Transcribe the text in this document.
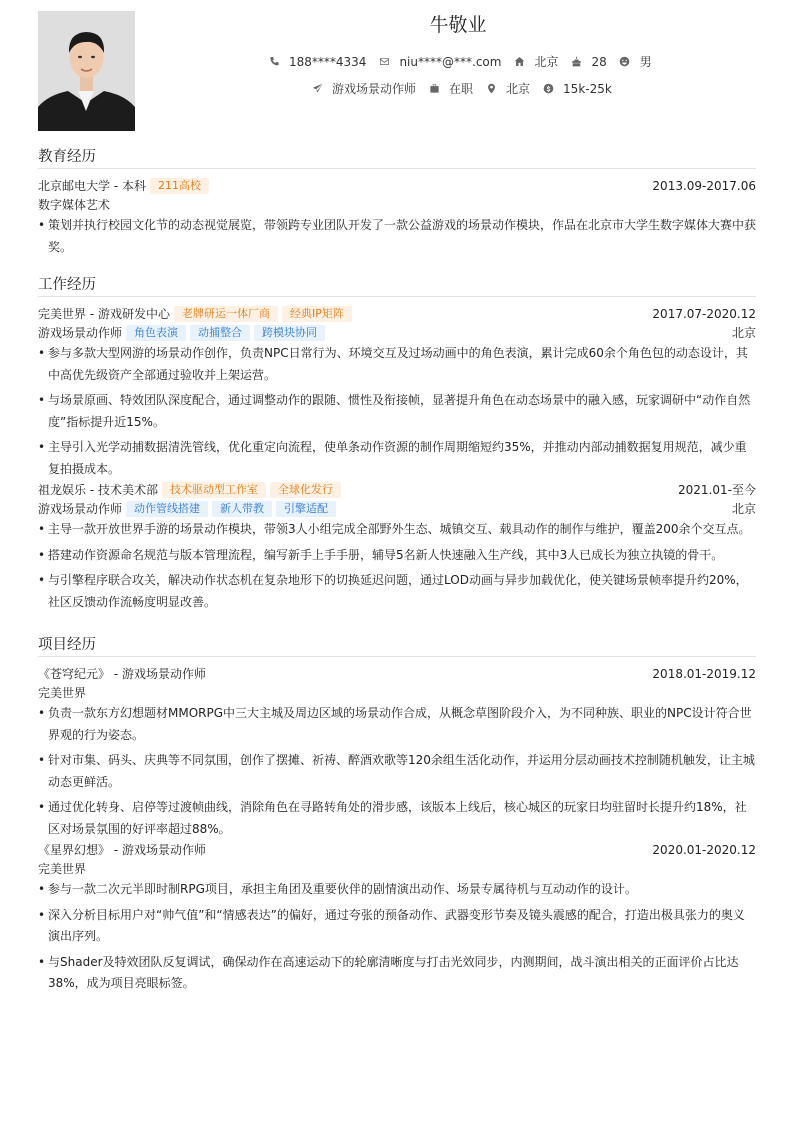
牛敬业
188****4334	niu****@***.com	北京	28	男
游戏场景动作师	在职	北京	15k-25k
教育经历
北京邮电大学 - 本科 211高校	2013.09-2017.06
数字媒体艺术
• 策划并执行校园文化节的动态视觉展览，带领跨专业团队开发了一款公益游戏的场景动作模块，作品在北京市大学生数字媒体大赛中获奖。
工作经历
完美世界 - 游戏研发中心 老牌研运一体厂商 经典IP矩阵	2017.07-2020.12
游戏场景动作师 角色表演 动捕整合 跨模块协同	北京
• 参与多款大型网游的场景动作创作，负责NPC日常行为、环境交互及过场动画中的角色表演，累计完成60余个角色包的动态设计，其中高优先级资产全部通过验收并上架运营。
• 与场景原画、特效团队深度配合，通过调整动作的跟随、惯性及衔接帧，显著提升角色在动态场景中的融入感，玩家调研中“动作自然度”指标提升近15%。
• 主导引入光学动捕数据清洗管线，优化重定向流程，使单条动作资源的制作周期缩短约35%，并推动内部动捕数据复用规范，减少重复拍摄成本。
祖龙娱乐 - 技术美术部 技术驱动型工作室 全球化发行	2021.01-至今
游戏场景动作师 动作管线搭建 新人带教 引擎适配	北京
• 主导一款开放世界手游的场景动作模块，带领3人小组完成全部野外生态、城镇交互、载具动作的制作与维护，覆盖200余个交互点。
• 搭建动作资源命名规范与版本管理流程，编写新手上手手册，辅导5名新人快速融入生产线，其中3人已成长为独立执镜的骨干。
• 与引擎程序联合攻关，解决动作状态机在复杂地形下的切换延迟问题，通过LOD动画与异步加载优化，使关键场景帧率提升约20%，社区反馈动作流畅度明显改善。
项目经历
《苍穹纪元》 - 游戏场景动作师	2018.01-2019.12
完美世界
• 负责一款东方幻想题材MMORPG中三大主城及周边区域的场景动作合成，从概念草图阶段介入，为不同种族、职业的NPC设计符合世界观的行为姿态。
• 针对市集、码头、庆典等不同氛围，创作了摆摊、祈祷、醉酒欢歌等120余组生活化动作，并运用分层动画技术控制随机触发，让主城动态更鲜活。
• 通过优化转身、启停等过渡帧曲线，消除角色在寻路转角处的滑步感，该版本上线后，核心城区的玩家日均驻留时长提升约18%，社区对场景氛围的好评率超过88%。
《星界幻想》 - 游戏场景动作师	2020.01-2020.12
完美世界
• 参与一款二次元半即时制RPG项目，承担主角团及重要伙伴的剧情演出动作、场景专属待机与互动动作的设计。
• 深入分析目标用户对“帅气值”和“情感表达”的偏好，通过夸张的预备动作、武器变形节奏及镜头震感的配合，打造出极具张力的奥义演出序列。
• 与Shader及特效团队反复调试，确保动作在高速运动下的轮廓清晰度与打击光效同步，内测期间，战斗演出相关的正面评价占比达38%，成为项目亮眼标签。
